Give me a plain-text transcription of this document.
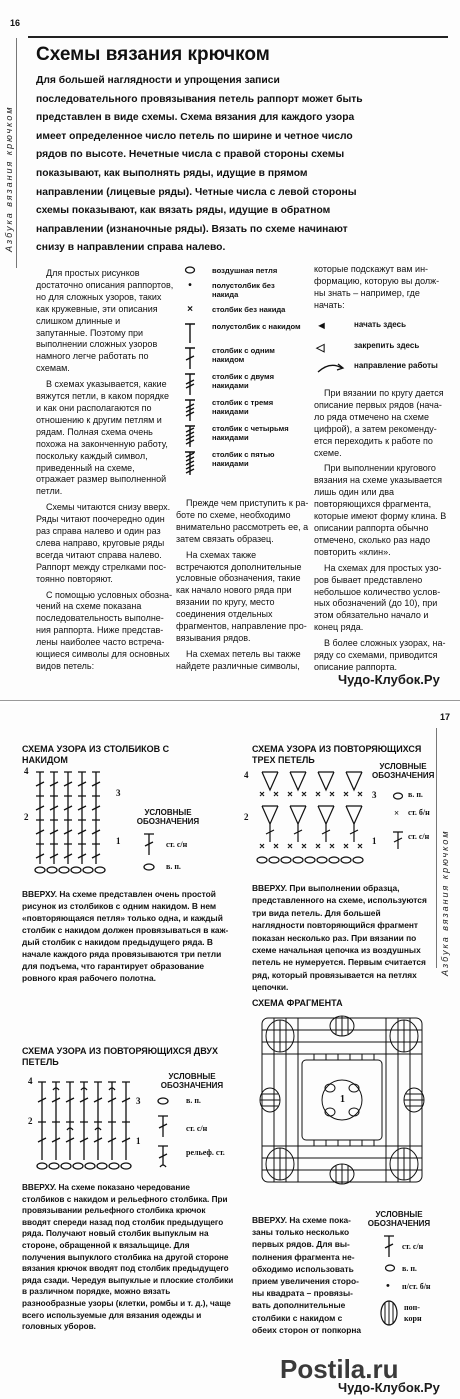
16
Азбука вязания крючком
Схемы вязания крючком
Для большей наглядности и упрощения записи последовательного провязывания петель раппорт может быть представлен в виде схемы. Схема вязания для каждого узора имеет определенное число петель по ширине и четное число рядов по высоте. Нечетные числа с правой стороны схемы показывают, как выполнять ряды, идущие в прямом направлении (лицевые ряды). Четные числа с левой стороны схемы показывают, как вязать ряды, идущие в обратном направлении (изнаночные ряды). Вязать по схеме начинают снизу в направлении справа налево.

Для простых рисунков достаточно описания раппортов, но для сложных узоров, таких как кружевные, эти описания слишком длинные и запутанные. Поэтому при выполнении сложных узоров намного легче работать по схемам.

В схемах указывается, какие вяжутся петли, в каком порядке и как они располагаются по отношению к другим петлям и рядам. Полная схема очень похожа на законченную работу, поскольку каждый символ, приведенный на схеме, отражает размер выполненной петли.

Схемы читаются снизу вверх. Ряды читают поочередно один раз справа налево и один раз слева направо, круговые ряды всегда читают справа налево. Раппорт между стрелками постоянно повторяют.

С помощью условных обозначений на схеме показана последовательность выполнения раппорта. Ниже представлены наиболее часто встречающиеся символы для основных видов петель:

воздушная петля
•	полустолбик без накида
×	столбик без накида
полустолбик с накидом
столбик с одним накидом
столбик с двумя накидами
столбик с тремя накидами
столбик с четырьмя накидами
столбик с пятью накидами

Прежде чем приступить к работе по схеме, необходимо внимательно рассмотреть ее, а затем связать образец.

На схемах также встречаются дополнительные условные обозначения, такие как начало нового ряда при вязании по кругу, место соединения отдельных фрагментов, направление провязывания рядов.

На схемах петель вы также найдете различные символы,

которые подскажут вам информацию, которую вы должны знать – например, где начать:
◄	начать здесь
◁	закрепить здесь
направление работы

При вязании по кругу дается описание первых рядов (начало ряда отмечено на схеме цифрой), а затем рекомендуется переходить к работе по схеме.

При выполнении кругового вязания на схеме указывается лишь один или два повторяющихся фрагмента, которые имеют форму клина. В описании раппорта обычно отмечено, сколько раз надо повторить «клин».

На схемах для простых узоров бывает представлено небольшое количество условных обозначений (до 10), при этом обязательно начало и конец ряда.

В более сложных узорах, наряду со схемами, приводится описание раппорта.

Чудо-Клубок.Ру
17
Азбука вязания крючком
СХЕМА УЗОРА ИЗ СТОЛБИКОВ С НАКИДОМ
4
3
2
1
УСЛОВНЫЕ ОБОЗНАЧЕНИЯ
ст. с/н
в. п.
ВВЕРХУ. На схеме представлен очень простой рисунок из столбиков с одним накидом. В нем «повторяющаяся петля» только одна, и каждый столбик с накидом должен провязываться в каждый столбик с накидом предыдущего ряда. В начале каждого ряда провязываются три петли для подъема, что гарантирует образование ровного края рабочего полотна.
СХЕМА УЗОРА ИЗ ПОВТОРЯЮЩИХСЯ ДВУХ ПЕТЕЛЬ
4
3
2
1
УСЛОВНЫЕ ОБОЗНАЧЕНИЯ
в. п.
ст. с/н
рельеф. ст.
ВВЕРХУ. На схеме показано чередование столбиков с накидом и рельефного столбика. При провязывании рельефного столбика крючок вводят спереди назад под столбик предыдущего ряда. Получают новый столбик выпуклым на стороне, обращенной к вязальщице. Для получения выпуклого столбика на другой стороне вязания крючок вводят под столбик предыдущего ряда сзади. Чередуя выпуклые и плоские столбики в различном порядке, можно вязать разнообразные узоры (клетки, ромбы и т. д.), чаще всего используемые для вязания одежды и головных уборов.
СХЕМА УЗОРА ИЗ ПОВТОРЯЮЩИХСЯ ТРЕХ ПЕТЕЛЬ
4
3
2
1
УСЛОВНЫЕ ОБОЗНАЧЕНИЯ
в. п.
× ст. б/н
ст. с/н
ВВЕРХУ. При выполнении образца, представленного на схеме, используются три вида петель. Для большей наглядности повторяющийся фрагмент показан несколько раз. При вязании по схеме начальная цепочка из воздушных петель не нумеруется. Первым считается ряд, который провязывается на петлях цепочки.
СХЕМА ФРАГМЕНТА
1
УСЛОВНЫЕ ОБОЗНАЧЕНИЯ
ст. с/н
в. п.
• п/ст. б/н
попкорн
ВВЕРХУ. На схеме показаны только несколько первых рядов. Для выполнения фрагмента необходимо использовать прием увеличения стороны квадрата – провязывать дополнительные столбики с накидом с обеих сторон от попкорна
Postila.ru
Чудо-Клубок.Ру
